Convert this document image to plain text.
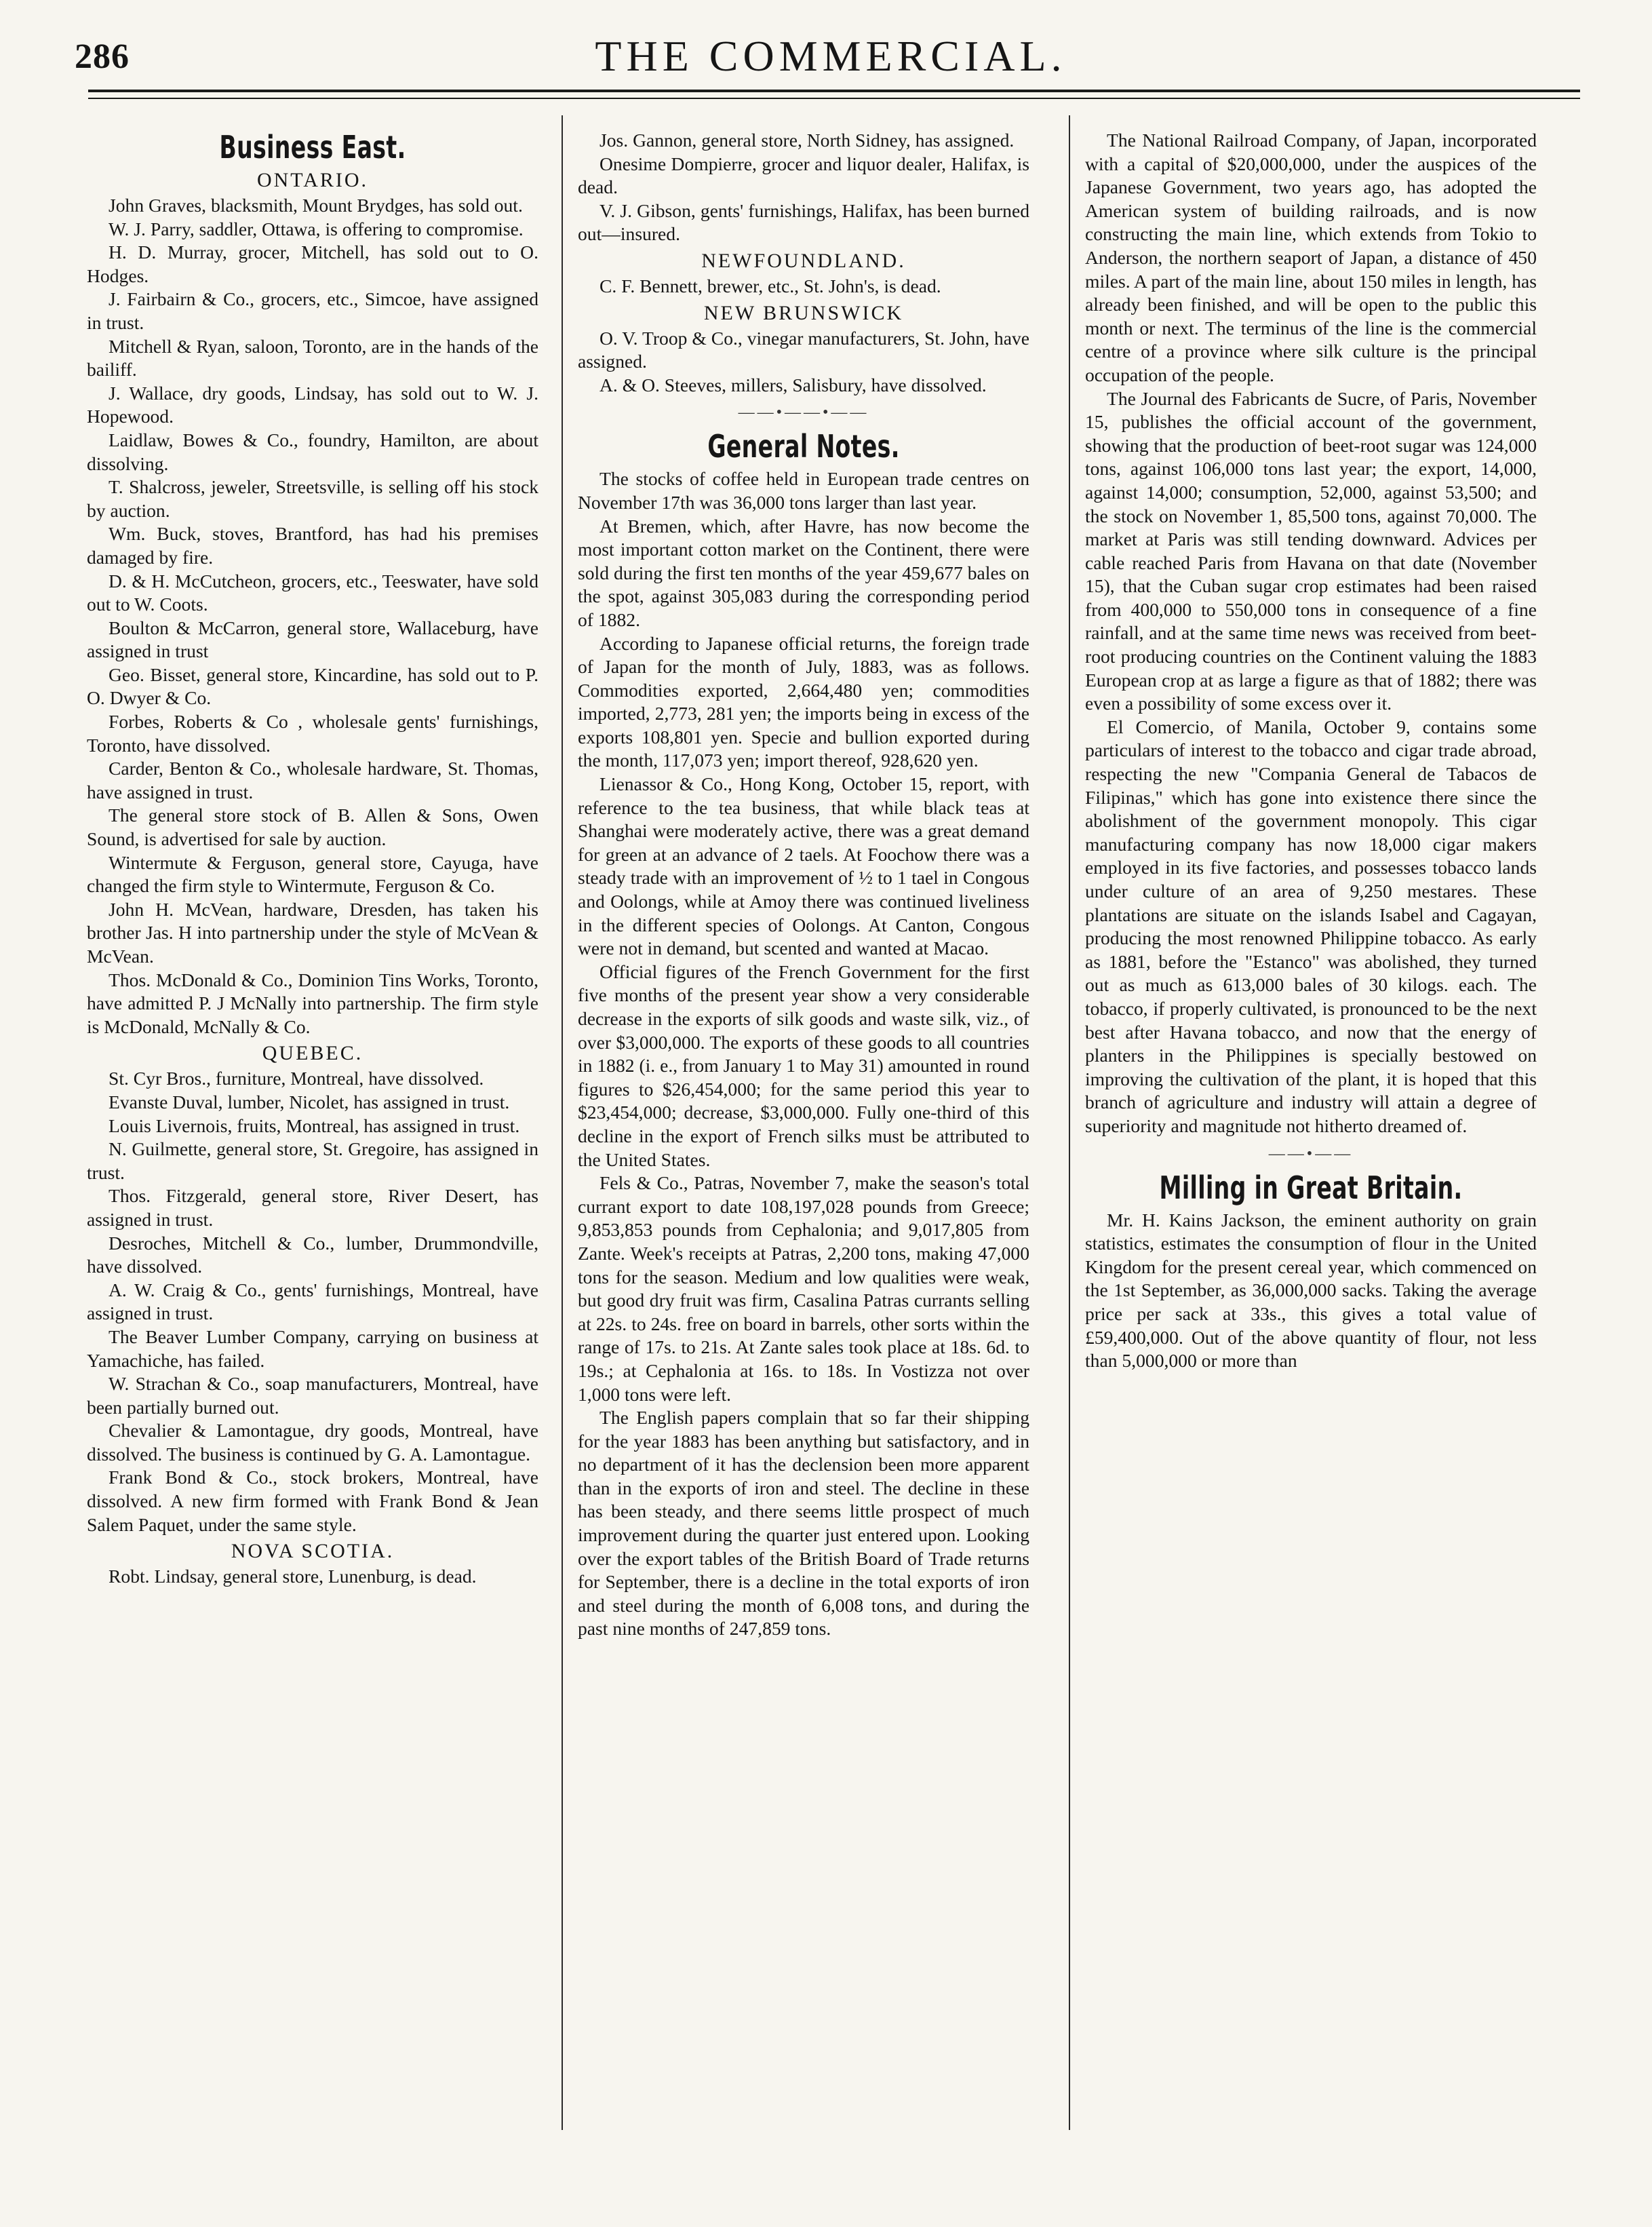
286	THE COMMERCIAL.
Business East.
ONTARIO.

John Graves, blacksmith, Mount Brydges, has sold out.

W. J. Parry, saddler, Ottawa, is offering to compromise.

H. D. Murray, grocer, Mitchell, has sold out to O. Hodges.

J. Fairbairn & Co., grocers, etc., Simcoe, have assigned in trust.

Mitchell & Ryan, saloon, Toronto, are in the hands of the bailiff.

J. Wallace, dry goods, Lindsay, has sold out to W. J. Hopewood.

Laidlaw, Bowes & Co., foundry, Hamilton, are about dissolving.

T. Shalcross, jeweler, Streetsville, is selling off his stock by auction.

Wm. Buck, stoves, Brantford, has had his premises damaged by fire.

D. & H. McCutcheon, grocers, etc., Teeswater, have sold out to W. Coots.

Boulton & McCarron, general store, Wallaceburg, have assigned in trust

Geo. Bisset, general store, Kincardine, has sold out to P. O. Dwyer & Co.

Forbes, Roberts & Co , wholesale gents' furnishings, Toronto, have dissolved.

Carder, Benton & Co., wholesale hardware, St. Thomas, have assigned in trust.

The general store stock of B. Allen & Sons, Owen Sound, is advertised for sale by auction.

Wintermute & Ferguson, general store, Cayuga, have changed the firm style to Wintermute, Ferguson & Co.

John H. McVean, hardware, Dresden, has taken his brother Jas. H into partnership under the style of McVean & McVean.

Thos. McDonald & Co., Dominion Tins Works, Toronto, have admitted P. J McNally into partnership. The firm style is McDonald, McNally & Co.

QUEBEC.

St. Cyr Bros., furniture, Montreal, have dissolved.

Evanste Duval, lumber, Nicolet, has assigned in trust.

Louis Livernois, fruits, Montreal, has assigned in trust.

N. Guilmette, general store, St. Gregoire, has assigned in trust.

Thos. Fitzgerald, general store, River Desert, has assigned in trust.

Desroches, Mitchell & Co., lumber, Drummondville, have dissolved.

A. W. Craig & Co., gents' furnishings, Montreal, have assigned in trust.

The Beaver Lumber Company, carrying on business at Yamachiche, has failed.

W. Strachan & Co., soap manufacturers, Montreal, have been partially burned out.

Chevalier & Lamontague, dry goods, Montreal, have dissolved. The business is continued by G. A. Lamontague.

Frank Bond & Co., stock brokers, Montreal, have dissolved. A new firm formed with Frank Bond & Jean Salem Paquet, under the same style.

NOVA SCOTIA.

Robt. Lindsay, general store, Lunenburg, is dead.

Jos. Gannon, general store, North Sidney, has assigned.

Onesime Dompierre, grocer and liquor dealer, Halifax, is dead.

V. J. Gibson, gents' furnishings, Halifax, has been burned out—insured.

NEWFOUNDLAND.

C. F. Bennett, brewer, etc., St. John's, is dead.

NEW BRUNSWICK

O. V. Troop & Co., vinegar manufacturers, St. John, have assigned.

A. & O. Steeves, millers, Salisbury, have dissolved.

——•——•——
General Notes.

The stocks of coffee held in European trade centres on November 17th was 36,000 tons larger than last year.

At Bremen, which, after Havre, has now become the most important cotton market on the Continent, there were sold during the first ten months of the year 459,677 bales on the spot, against 305,083 during the corresponding period of 1882.

According to Japanese official returns, the foreign trade of Japan for the month of July, 1883, was as follows. Commodities exported, 2,664,480 yen; commodities imported, 2,773, 281 yen; the imports being in excess of the exports 108,801 yen. Specie and bullion exported during the month, 117,073 yen; import thereof, 928,620 yen.

Lienassor & Co., Hong Kong, October 15, report, with reference to the tea business, that while black teas at Shanghai were moderately active, there was a great demand for green at an advance of 2 taels. At Foochow there was a steady trade with an improvement of ½ to 1 tael in Congous and Oolongs, while at Amoy there was continued liveliness in the different species of Oolongs. At Canton, Congous were not in demand, but scented and wanted at Macao.

Official figures of the French Government for the first five months of the present year show a very considerable decrease in the exports of silk goods and waste silk, viz., of over $3,000,000. The exports of these goods to all countries in 1882 (i. e., from January 1 to May 31) amounted in round figures to $26,454,000; for the same period this year to $23,454,000; decrease, $3,000,000. Fully one-third of this decline in the export of French silks must be attributed to the United States.

Fels & Co., Patras, November 7, make the season's total currant export to date 108,197,028 pounds from Greece; 9,853,853 pounds from Cephalonia; and 9,017,805 from Zante. Week's receipts at Patras, 2,200 tons, making 47,000 tons for the season. Medium and low qualities were weak, but good dry fruit was firm, Casalina Patras currants selling at 22s. to 24s. free on board in barrels, other sorts within the range of 17s. to 21s. At Zante sales took place at 18s. 6d. to 19s.; at Cephalonia at 16s. to 18s. In Vostizza not over 1,000 tons were left.

The English papers complain that so far their shipping for the year 1883 has been anything but satisfactory, and in no department of it has the declension been more apparent than in the exports of iron and steel. The decline in these has been steady, and there seems little prospect of much improvement during the quarter just entered upon. Looking over the export tables of the British Board of Trade returns for September, there is a decline in the total exports of iron and steel during the month of 6,008 tons, and during the past nine months of 247,859 tons.

The National Railroad Company, of Japan, incorporated with a capital of $20,000,000, under the auspices of the Japanese Government, two years ago, has adopted the American system of building railroads, and is now constructing the main line, which extends from Tokio to Anderson, the northern seaport of Japan, a distance of 450 miles. A part of the main line, about 150 miles in length, has already been finished, and will be open to the public this month or next. The terminus of the line is the commercial centre of a province where silk culture is the principal occupation of the people.

The Journal des Fabricants de Sucre, of Paris, November 15, publishes the official account of the government, showing that the production of beet-root sugar was 124,000 tons, against 106,000 tons last year; the export, 14,000, against 14,000; consumption, 52,000, against 53,500; and the stock on November 1, 85,500 tons, against 70,000. The market at Paris was still tending downward. Advices per cable reached Paris from Havana on that date (November 15), that the Cuban sugar crop estimates had been raised from 400,000 to 550,000 tons in consequence of a fine rainfall, and at the same time news was received from beet-root producing countries on the Continent valuing the 1883 European crop at as large a figure as that of 1882; there was even a possibility of some excess over it.

El Comercio, of Manila, October 9, contains some particulars of interest to the tobacco and cigar trade abroad, respecting the new "Compania General de Tabacos de Filipinas," which has gone into existence there since the abolishment of the government monopoly. This cigar manufacturing company has now 18,000 cigar makers employed in its five factories, and possesses tobacco lands under culture of an area of 9,250 mestares. These plantations are situate on the islands Isabel and Cagayan, producing the most renowned Philippine tobacco. As early as 1881, before the "Estanco" was abolished, they turned out as much as 613,000 bales of 30 kilogs. each. The tobacco, if properly cultivated, is pronounced to be the next best after Havana tobacco, and now that the energy of planters in the Philippines is specially bestowed on improving the cultivation of the plant, it is hoped that this branch of agriculture and industry will attain a degree of superiority and magnitude not hitherto dreamed of.

——•——
Milling in Great Britain.

Mr. H. Kains Jackson, the eminent authority on grain statistics, estimates the consumption of flour in the United Kingdom for the present cereal year, which commenced on the 1st September, as 36,000,000 sacks. Taking the average price per sack at 33s., this gives a total value of £59,400,000. Out of the above quantity of flour, not less than 5,000,000 or more than
